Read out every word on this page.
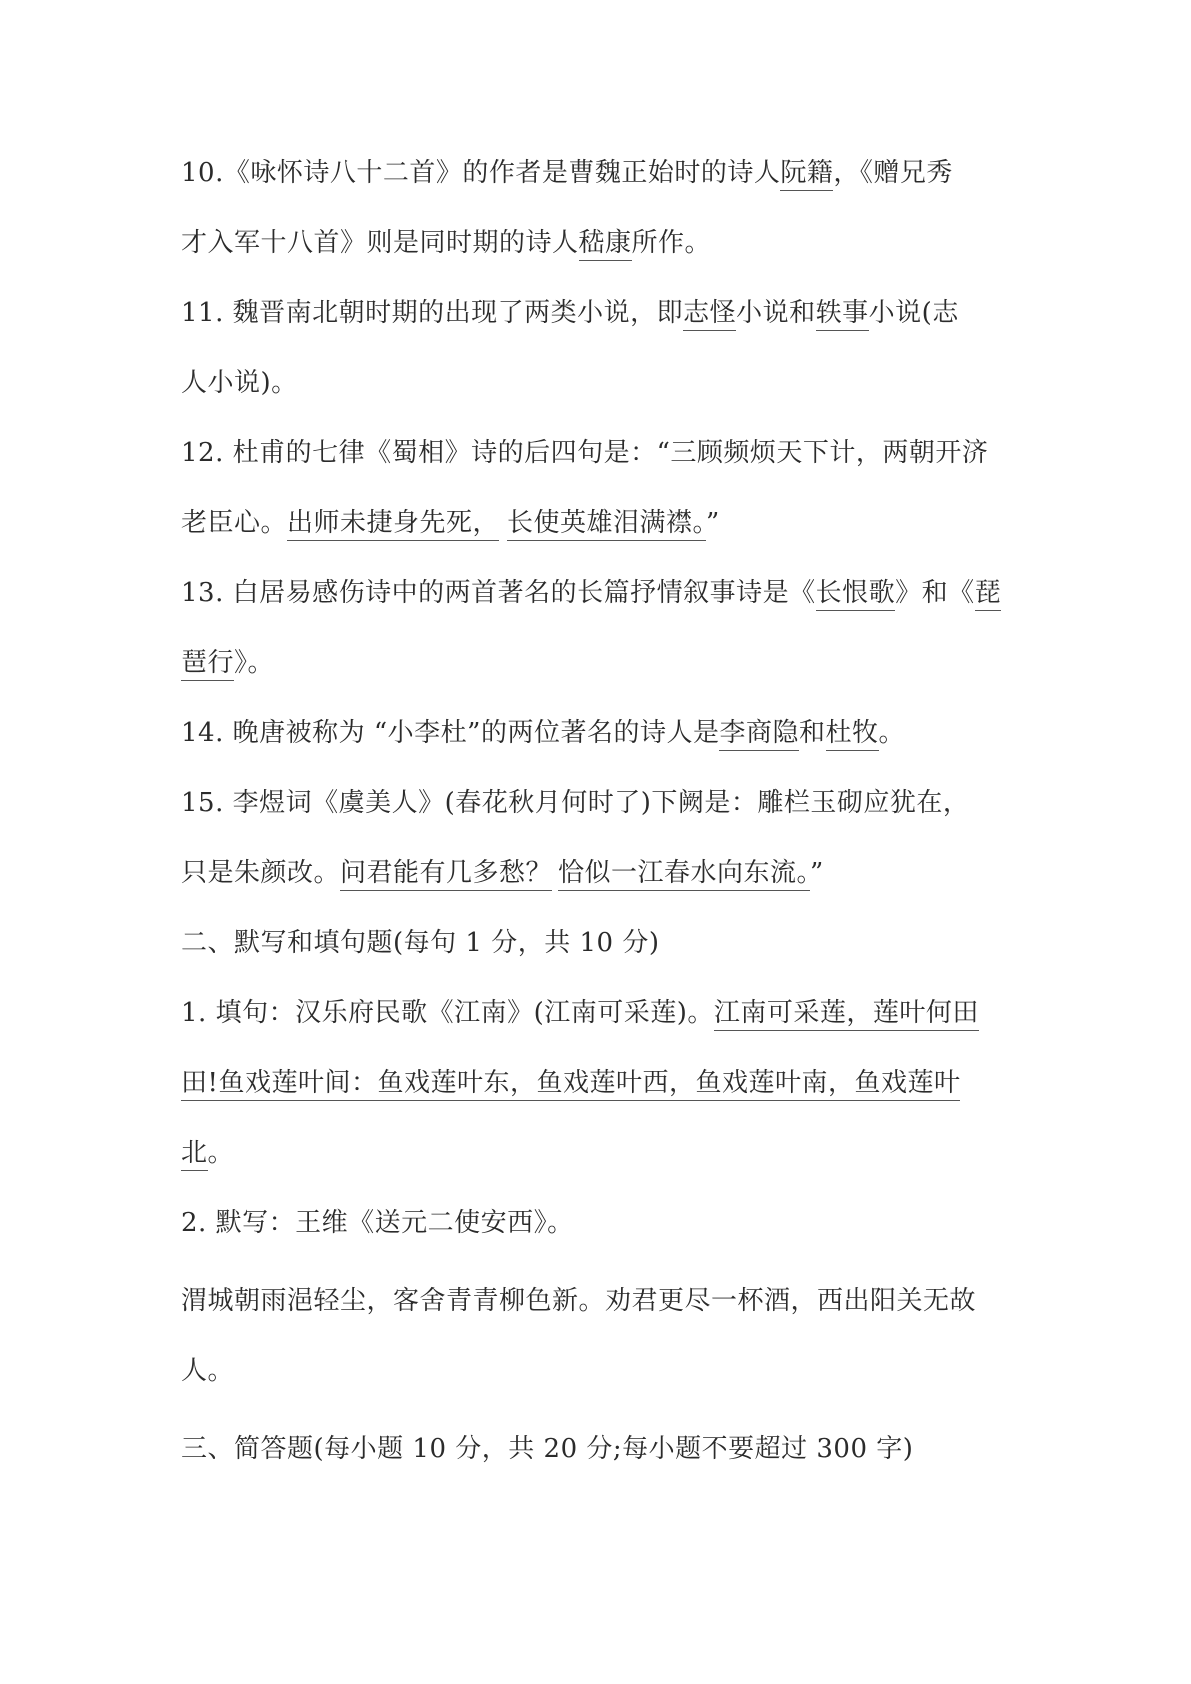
10.《咏怀诗八十二首》的作者是曹魏正始时的诗人阮籍，《赠兄秀
才入军十八首》则是同时期的诗人嵇康所作。
11. 魏晋南北朝时期的出现了两类小说，即志怪小说和轶事小说(志
人小说)。
12. 杜甫的七律《蜀相》诗的后四句是：“三顾频烦天下计，两朝开济
老臣心。出师未捷身先死， 长使英雄泪满襟。”
13. 白居易感伤诗中的两首著名的长篇抒情叙事诗是《长恨歌》和《琵
琶行》。
14. 晚唐被称为 “小李杜”的两位著名的诗人是李商隐和杜牧。
15. 李煜词《虞美人》(春花秋月何时了)下阙是：雕栏玉砌应犹在，
只是朱颜改。问君能有几多愁？ 恰似一江春水向东流。”
二、默写和填句题(每句 1 分，共 10 分)
1. 填句：汉乐府民歌《江南》(江南可采莲)。江南可采莲，莲叶何田
田!鱼戏莲叶间：鱼戏莲叶东，鱼戏莲叶西，鱼戏莲叶南，鱼戏莲叶
北。
2. 默写：王维《送元二使安西》。
渭城朝雨浥轻尘，客舍青青柳色新。劝君更尽一杯酒，西出阳关无故
人。
三、简答题(每小题 10 分，共 20 分;每小题不要超过 300 字)
